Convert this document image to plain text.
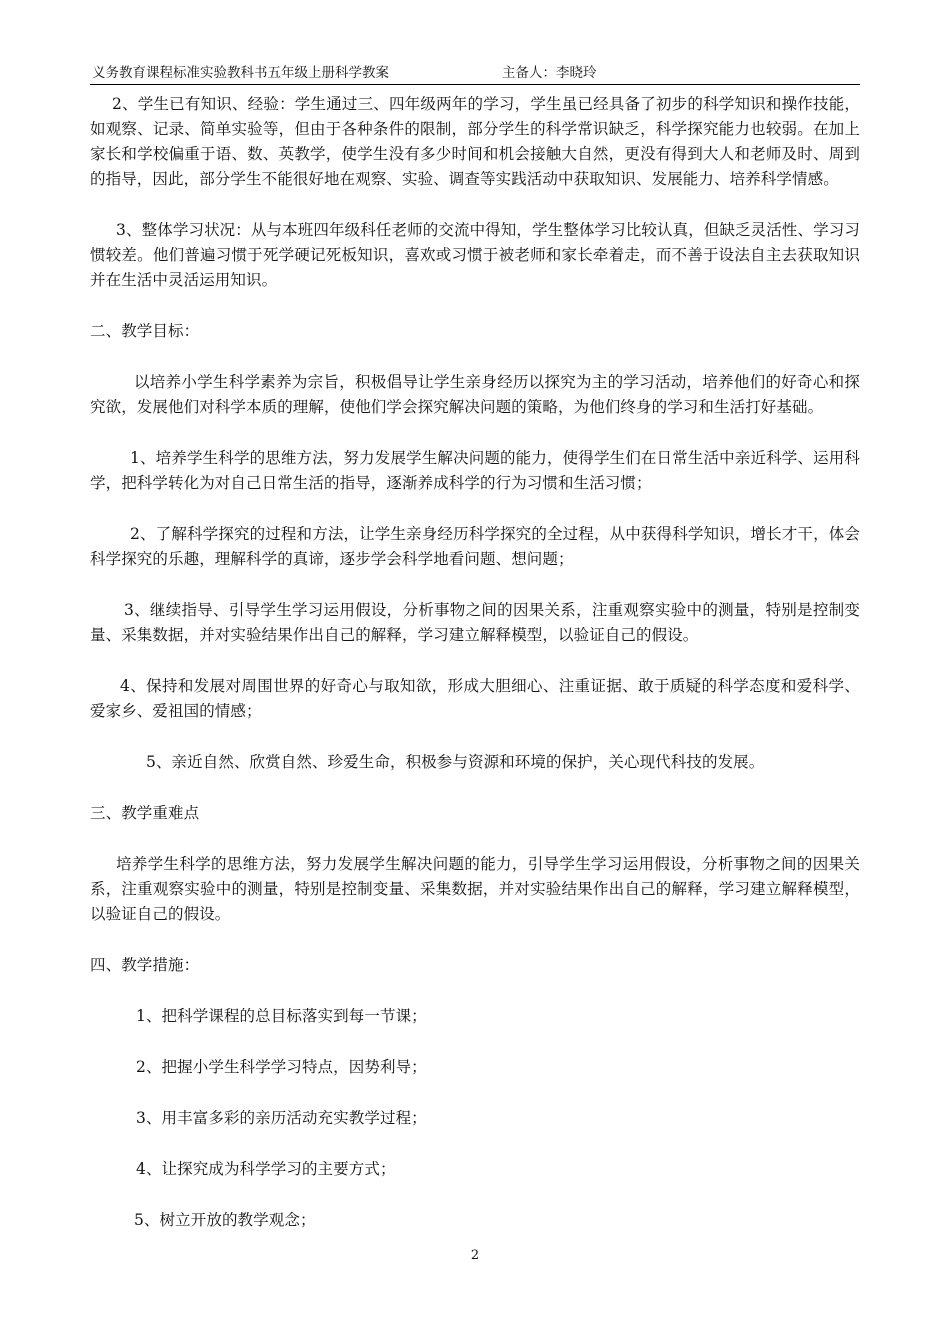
义务教育课程标准实验教科书五年级上册科学教案	主备人：李晓玲

2、学生已有知识、经验：学生通过三、四年级两年的学习，学生虽已经具备了初步的科学知识和操作技能，如观察、记录、简单实验等，但由于各种条件的限制，部分学生的科学常识缺乏，科学探究能力也较弱。在加上家长和学校偏重于语、数、英教学，使学生没有多少时间和机会接触大自然，更没有得到大人和老师及时、周到的指导，因此，部分学生不能很好地在观察、实验、调查等实践活动中获取知识、发展能力、培养科学情感。

3、整体学习状况：从与本班四年级科任老师的交流中得知，学生整体学习比较认真，但缺乏灵活性、学习习惯较差。他们普遍习惯于死学硬记死板知识，喜欢或习惯于被老师和家长牵着走，而不善于设法自主去获取知识并在生活中灵活运用知识。

二、教学目标：

以培养小学生科学素养为宗旨，积极倡导让学生亲身经历以探究为主的学习活动，培养他们的好奇心和探究欲，发展他们对科学本质的理解，使他们学会探究解决问题的策略，为他们终身的学习和生活打好基础。

1、培养学生科学的思维方法，努力发展学生解决问题的能力，使得学生们在日常生活中亲近科学、运用科学，把科学转化为对自己日常生活的指导，逐渐养成科学的行为习惯和生活习惯；

2、了解科学探究的过程和方法，让学生亲身经历科学探究的全过程，从中获得科学知识，增长才干，体会科学探究的乐趣，理解科学的真谛，逐步学会科学地看问题、想问题；

3、继续指导、引导学生学习运用假设，分析事物之间的因果关系，注重观察实验中的测量，特别是控制变量、采集数据，并对实验结果作出自己的解释，学习建立解释模型，以验证自己的假设。

4、保持和发展对周围世界的好奇心与取知欲，形成大胆细心、注重证据、敢于质疑的科学态度和爱科学、爱家乡、爱祖国的情感；

5、亲近自然、欣赏自然、珍爱生命，积极参与资源和环境的保护，关心现代科技的发展。

三、教学重难点

培养学生科学的思维方法，努力发展学生解决问题的能力，引导学生学习运用假设，分析事物之间的因果关系，注重观察实验中的测量，特别是控制变量、采集数据，并对实验结果作出自己的解释，学习建立解释模型，以验证自己的假设。

四、教学措施：

1、把科学课程的总目标落实到每一节课；

2、把握小学生科学学习特点，因势利导；

3、用丰富多彩的亲历活动充实教学过程；

4、让探究成为科学学习的主要方式；

5、树立开放的教学观念；

2
